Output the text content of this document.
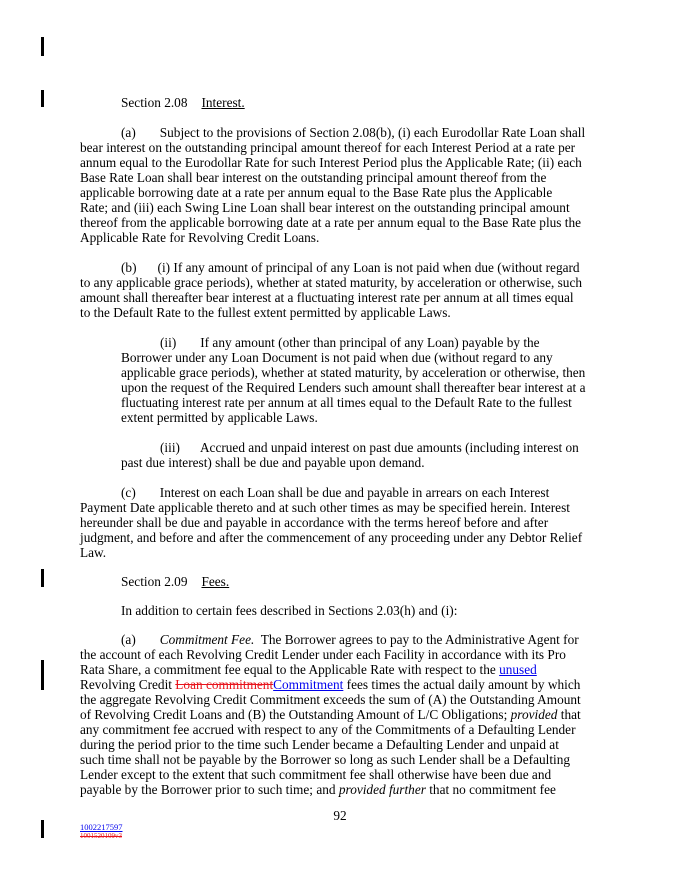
Section 2.08 Interest.
(a) Subject to the provisions of Section 2.08(b), (i) each Eurodollar Rate Loan shall
bear interest on the outstanding principal amount thereof for each Interest Period at a rate per
annum equal to the Eurodollar Rate for such Interest Period plus the Applicable Rate; (ii) each
Base Rate Loan shall bear interest on the outstanding principal amount thereof from the
applicable borrowing date at a rate per annum equal to the Base Rate plus the Applicable
Rate; and (iii) each Swing Line Loan shall bear interest on the outstanding principal amount
thereof from the applicable borrowing date at a rate per annum equal to the Base Rate plus the
Applicable Rate for Revolving Credit Loans.
(b) (i) If any amount of principal of any Loan is not paid when due (without regard
to any applicable grace periods), whether at stated maturity, by acceleration or otherwise, such
amount shall thereafter bear interest at a fluctuating interest rate per annum at all times equal
to the Default Rate to the fullest extent permitted by applicable Laws.
(ii) If any amount (other than principal of any Loan) payable by the
Borrower under any Loan Document is not paid when due (without regard to any
applicable grace periods), whether at stated maturity, by acceleration or otherwise, then
upon the request of the Required Lenders such amount shall thereafter bear interest at a
fluctuating interest rate per annum at all times equal to the Default Rate to the fullest
extent permitted by applicable Laws.
(iii) Accrued and unpaid interest on past due amounts (including interest on
past due interest) shall be due and payable upon demand.
(c) Interest on each Loan shall be due and payable in arrears on each Interest
Payment Date applicable thereto and at such other times as may be specified herein. Interest
hereunder shall be due and payable in accordance with the terms hereof before and after
judgment, and before and after the commencement of any proceeding under any Debtor Relief
Law.
Section 2.09 Fees.
In addition to certain fees described in Sections 2.03(h) and (i):
(a) Commitment Fee.  The Borrower agrees to pay to the Administrative Agent for
the account of each Revolving Credit Lender under each Facility in accordance with its Pro
Rata Share, a commitment fee equal to the Applicable Rate with respect to the unused
Revolving Credit Loan commitmentCommitment fees times the actual daily amount by which
the aggregate Revolving Credit Commitment exceeds the sum of (A) the Outstanding Amount
of Revolving Credit Loans and (B) the Outstanding Amount of L/C Obligations; provided that
any commitment fee accrued with respect to any of the Commitments of a Defaulting Lender
during the period prior to the time such Lender became a Defaulting Lender and unpaid at
such time shall not be payable by the Borrower so long as such Lender shall be a Defaulting
Lender except to the extent that such commitment fee shall otherwise have been due and
payable by the Borrower prior to such time; and provided further that no commitment fee
92
1002217597
1001520109v3
